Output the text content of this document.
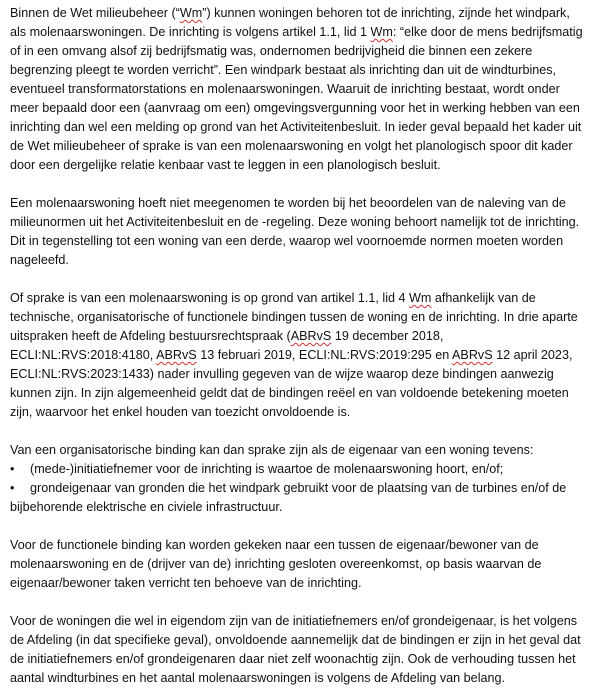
Binnen de Wet milieubeheer (“Wm”) kunnen woningen behoren tot de inrichting, zijnde het windpark, als molenaarswoningen. De inrichting is volgens artikel 1.1, lid 1 Wm: “elke door de mens bedrijfsmatig of in een omvang alsof zij bedrijfsmatig was, ondernomen bedrijvigheid die binnen een zekere begrenzing pleegt te worden verricht”. Een windpark bestaat als inrichting dan uit de windturbines, eventueel transformatorstations en molenaarswoningen. Waaruit de inrichting bestaat, wordt onder meer bepaald door een (aanvraag om een) omgevingsvergunning voor het in werking hebben van een inrichting dan wel een melding op grond van het Activiteitenbesluit. In ieder geval bepaald het kader uit de Wet milieubeheer of sprake is van een molenaarswoning en volgt het planologisch spoor dit kader door een dergelijke relatie kenbaar vast te leggen in een planologisch besluit.

Een molenaarswoning hoeft niet meegenomen te worden bij het beoordelen van de naleving van de milieunormen uit het Activiteitenbesluit en de -regeling. Deze woning behoort namelijk tot de inrichting. Dit in tegenstelling tot een woning van een derde, waarop wel voornoemde normen moeten worden nageleefd.

Of sprake is van een molenaarswoning is op grond van artikel 1.1, lid 4 Wm afhankelijk van de technische, organisatorische of functionele bindingen tussen de woning en de inrichting. In drie aparte uitspraken heeft de Afdeling bestuursrechtspraak (ABRvS 19 december 2018, ECLI:NL:RVS:2018:4180, ABRvS 13 februari 2019, ECLI:NL:RVS:2019:295 en ABRvS 12 april 2023, ECLI:NL:RVS:2023:1433) nader invulling gegeven van de wijze waarop deze bindingen aanwezig kunnen zijn. In zijn algemeenheid geldt dat de bindingen reëel en van voldoende betekening moeten zijn, waarvoor het enkel houden van toezicht onvoldoende is.

Van een organisatorische binding kan dan sprake zijn als de eigenaar van een woning tevens:

• (mede-)initiatiefnemer voor de inrichting is waartoe de molenaarswoning hoort, en/of;
• grondeigenaar van gronden die het windpark gebruikt voor de plaatsing van de turbines en/of de bijbehorende elektrische en civiele infrastructuur.

Voor de functionele binding kan worden gekeken naar een tussen de eigenaar/bewoner van de molenaarswoning en de (drijver van de) inrichting gesloten overeenkomst, op basis waarvan de eigenaar/bewoner taken verricht ten behoeve van de inrichting.

Voor de woningen die wel in eigendom zijn van de initiatiefnemers en/of grondeigenaar, is het volgens de Afdeling (in dat specifieke geval), onvoldoende aannemelijk dat de bindingen er zijn in het geval dat de initiatiefnemers en/of grondeigenaren daar niet zelf woonachtig zijn. Ook de verhouding tussen het aantal windturbines en het aantal molenaarswoningen is volgens de Afdeling van belang.
